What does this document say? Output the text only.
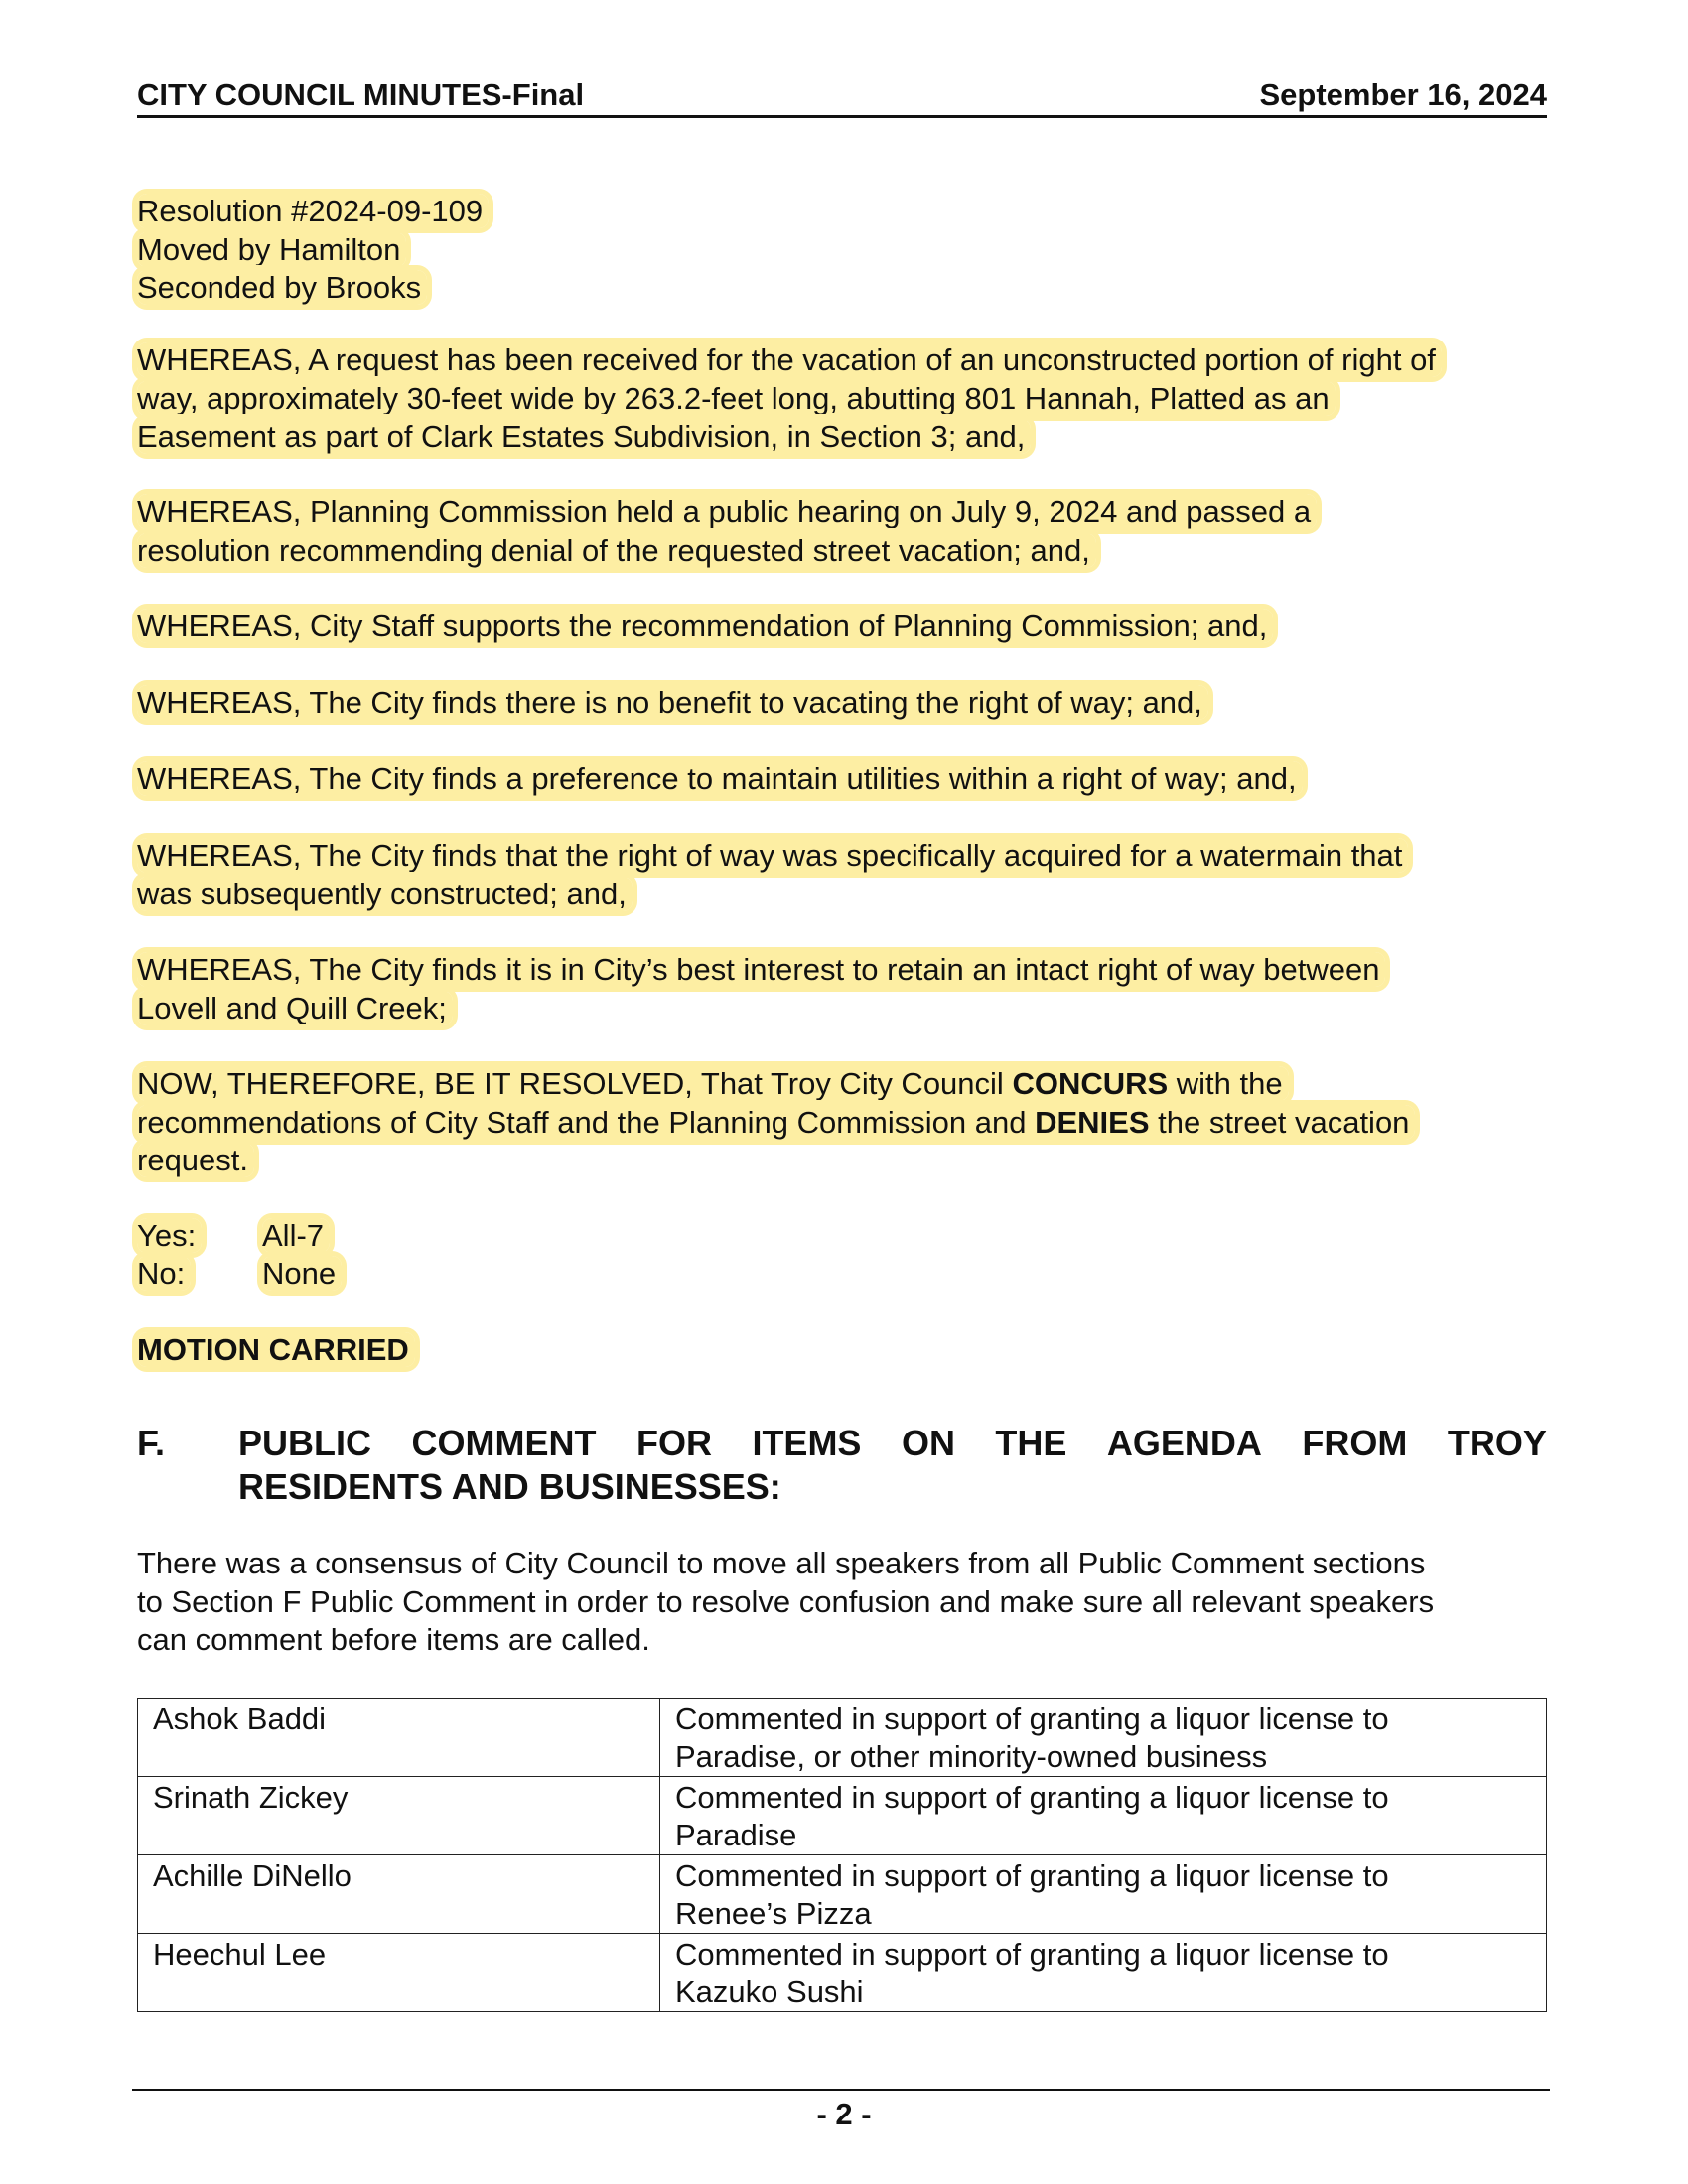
CITY COUNCIL MINUTES-Final	September 16, 2024
Resolution #2024-09-109
Moved by Hamilton
Seconded by Brooks
WHEREAS, A request has been received for the vacation of an unconstructed portion of right of
way, approximately 30-feet wide by 263.2-feet long, abutting 801 Hannah, Platted as an
Easement as part of Clark Estates Subdivision, in Section 3; and,
WHEREAS, Planning Commission held a public hearing on July 9, 2024 and passed a
resolution recommending denial of the requested street vacation; and,
WHEREAS, City Staff supports the recommendation of Planning Commission; and,
WHEREAS, The City finds there is no benefit to vacating the right of way; and,
WHEREAS, The City finds a preference to maintain utilities within a right of way; and,
WHEREAS, The City finds that the right of way was specifically acquired for a watermain that
was subsequently constructed; and,
WHEREAS, The City finds it is in City’s best interest to retain an intact right of way between
Lovell and Quill Creek;
NOW, THEREFORE, BE IT RESOLVED, That Troy City Council CONCURS with the
recommendations of City Staff and the Planning Commission and DENIES the street vacation
request.
Yes: All-7
No:	None
MOTION CARRIED
F. PUBLIC COMMENT FOR ITEMS ON THE AGENDA FROM TROY
RESIDENTS AND BUSINESSES:
There was a consensus of City Council to move all speakers from all Public Comment sections
to Section F Public Comment in order to resolve confusion and make sure all relevant speakers
can comment before items are called.
Ashok Baddi	Commented in support of granting a liquor license to
Paradise, or other minority-owned business

Srinath Zickey	Commented in support of granting a liquor license to
Paradise

Achille DiNello	Commented in support of granting a liquor license to
Renee’s Pizza

Heechul Lee	Commented in support of granting a liquor license to
Kazuko Sushi
- 2 -
